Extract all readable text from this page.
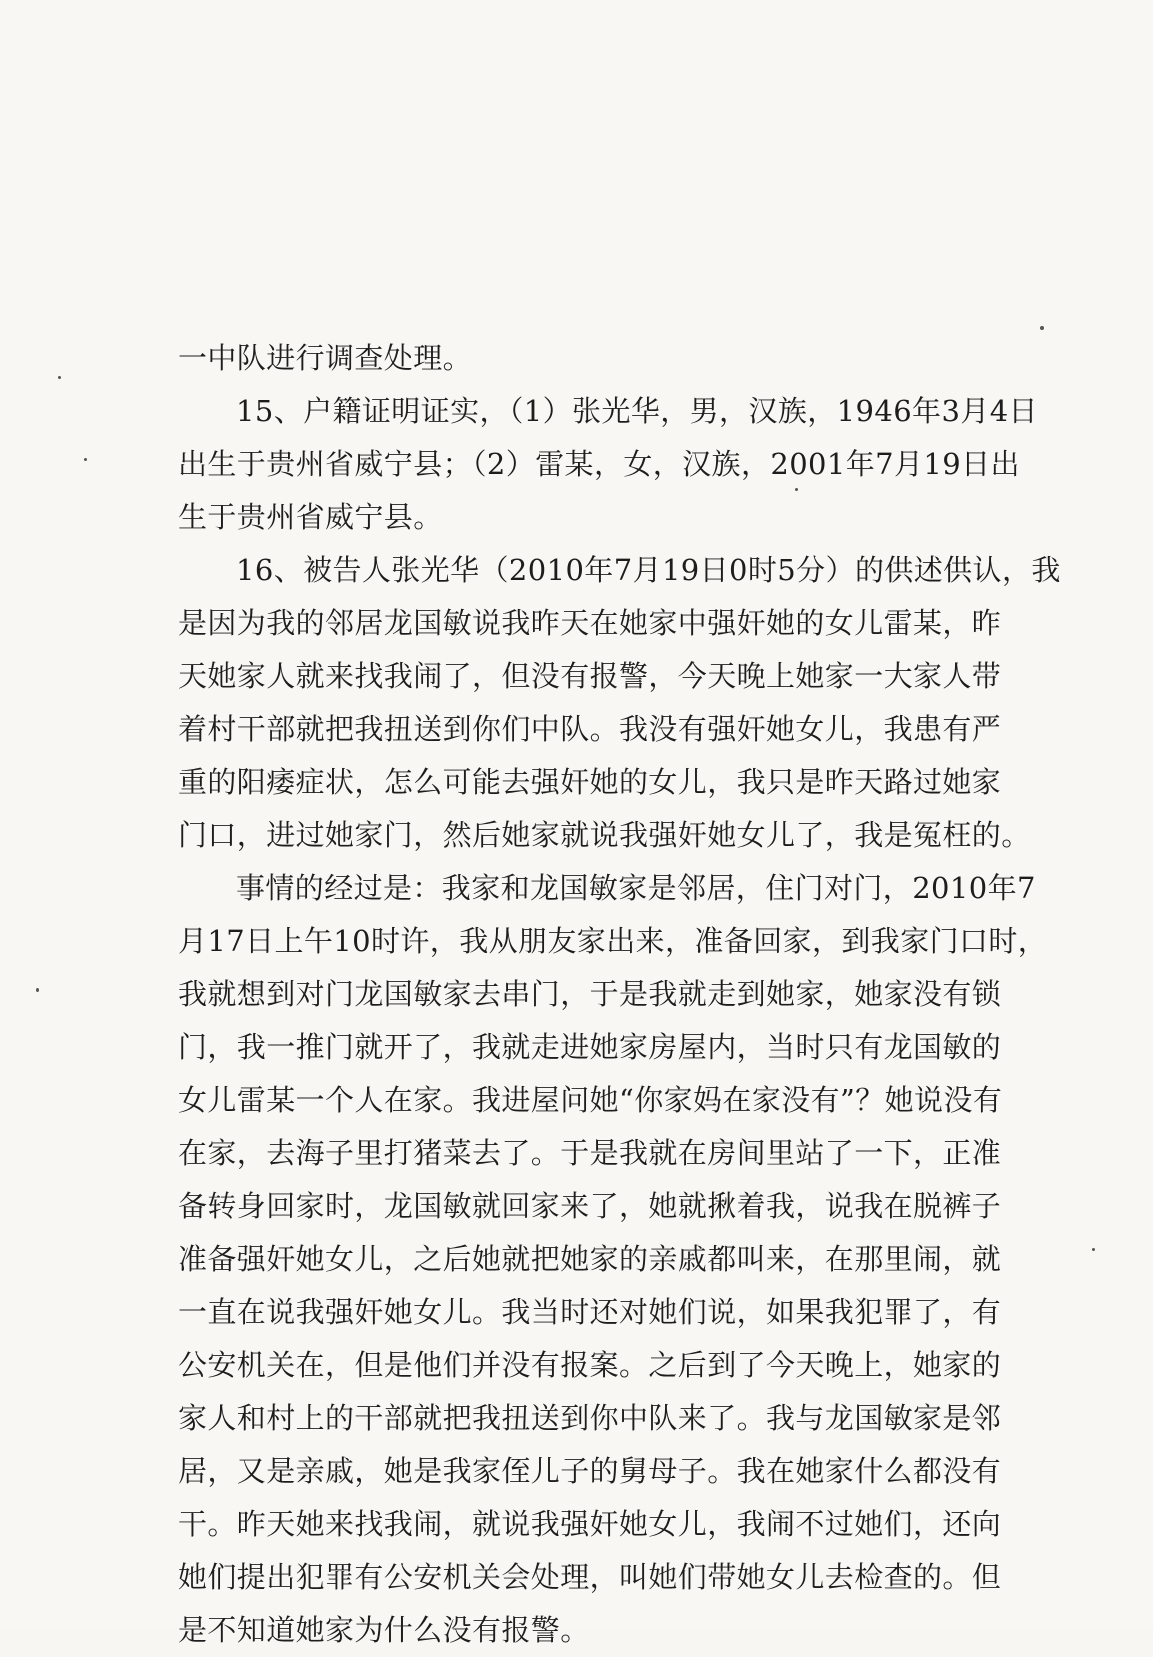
一中队进行调查处理。
15、户籍证明证实，（1）张光华，男，汉族，1946年3月4日
出生于贵州省威宁县；（2）雷某，女，汉族，2001年7月19日出
生于贵州省威宁县。
16、被告人张光华（2010年7月19日0时5分）的供述供认，我
是因为我的邻居龙国敏说我昨天在她家中强奸她的女儿雷某，昨
天她家人就来找我闹了，但没有报警，今天晚上她家一大家人带
着村干部就把我扭送到你们中队。我没有强奸她女儿，我患有严
重的阳痿症状，怎么可能去强奸她的女儿，我只是昨天路过她家
门口，进过她家门，然后她家就说我强奸她女儿了，我是冤枉的。
事情的经过是：我家和龙国敏家是邻居，住门对门，2010年7
月17日上午10时许，我从朋友家出来，准备回家，到我家门口时，
我就想到对门龙国敏家去串门，于是我就走到她家，她家没有锁
门，我一推门就开了，我就走进她家房屋内，当时只有龙国敏的
女儿雷某一个人在家。我进屋问她“你家妈在家没有”？她说没有
在家，去海子里打猪菜去了。于是我就在房间里站了一下，正准
备转身回家时，龙国敏就回家来了，她就揪着我，说我在脱裤子
准备强奸她女儿，之后她就把她家的亲戚都叫来，在那里闹，就
一直在说我强奸她女儿。我当时还对她们说，如果我犯罪了，有
公安机关在，但是他们并没有报案。之后到了今天晚上，她家的
家人和村上的干部就把我扭送到你中队来了。我与龙国敏家是邻
居，又是亲戚，她是我家侄儿子的舅母子。我在她家什么都没有
干。昨天她来找我闹，就说我强奸她女儿，我闹不过她们，还向
她们提出犯罪有公安机关会处理，叫她们带她女儿去检查的。但
是不知道她家为什么没有报警。
